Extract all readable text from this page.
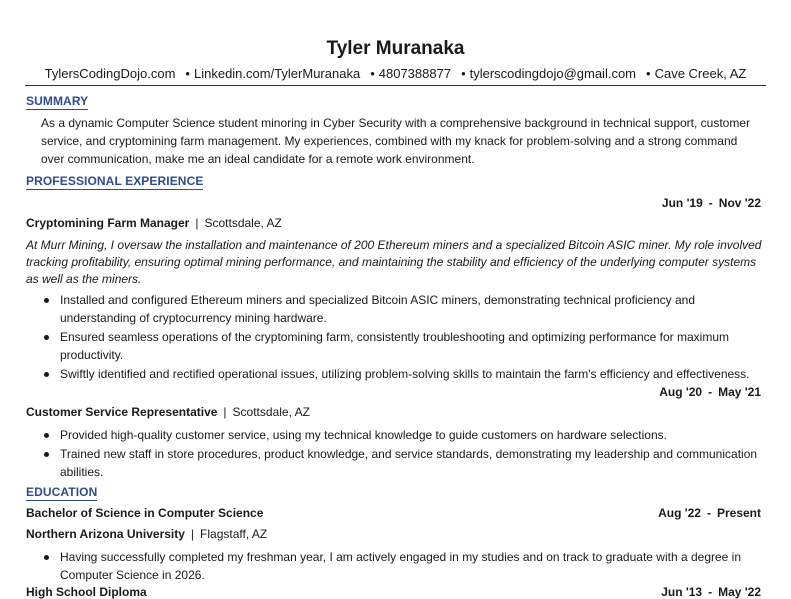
Tyler Muranaka
TylersCodingDojo.com • Linkedin.com/TylerMuranaka • 4807388877 • tylerscodingdojo@gmail.com • Cave Creek, AZ
SUMMARY
As a dynamic Computer Science student minoring in Cyber Security with a comprehensive background in technical support, customer service, and cryptomining farm management. My experiences, combined with my knack for problem-solving and a strong command over communication, make me an ideal candidate for a remote work environment.
PROFESSIONAL EXPERIENCE
Jun '19 - Nov '22
Cryptomining Farm Manager | Scottsdale, AZ
At Murr Mining, I oversaw the installation and maintenance of 200 Ethereum miners and a specialized Bitcoin ASIC miner. My role involved tracking profitability, ensuring optimal mining performance, and maintaining the stability and efficiency of the underlying computer systems as well as the miners.
Installed and configured Ethereum miners and specialized Bitcoin ASIC miners, demonstrating technical proficiency and understanding of cryptocurrency mining hardware.
Ensured seamless operations of the cryptomining farm, consistently troubleshooting and optimizing performance for maximum productivity.
Swiftly identified and rectified operational issues, utilizing problem-solving skills to maintain the farm's efficiency and effectiveness.
Aug '20 - May '21
Customer Service Representative | Scottsdale, AZ
Provided high-quality customer service, using my technical knowledge to guide customers on hardware selections.
Trained new staff in store procedures, product knowledge, and service standards, demonstrating my leadership and communication abilities.
EDUCATION
Bachelor of Science in Computer Science	Aug '22 - Present
Northern Arizona University | Flagstaff, AZ
Having successfully completed my freshman year, I am actively engaged in my studies and on track to graduate with a degree in Computer Science in 2026.
High School Diploma	Jun '13 - May '22
